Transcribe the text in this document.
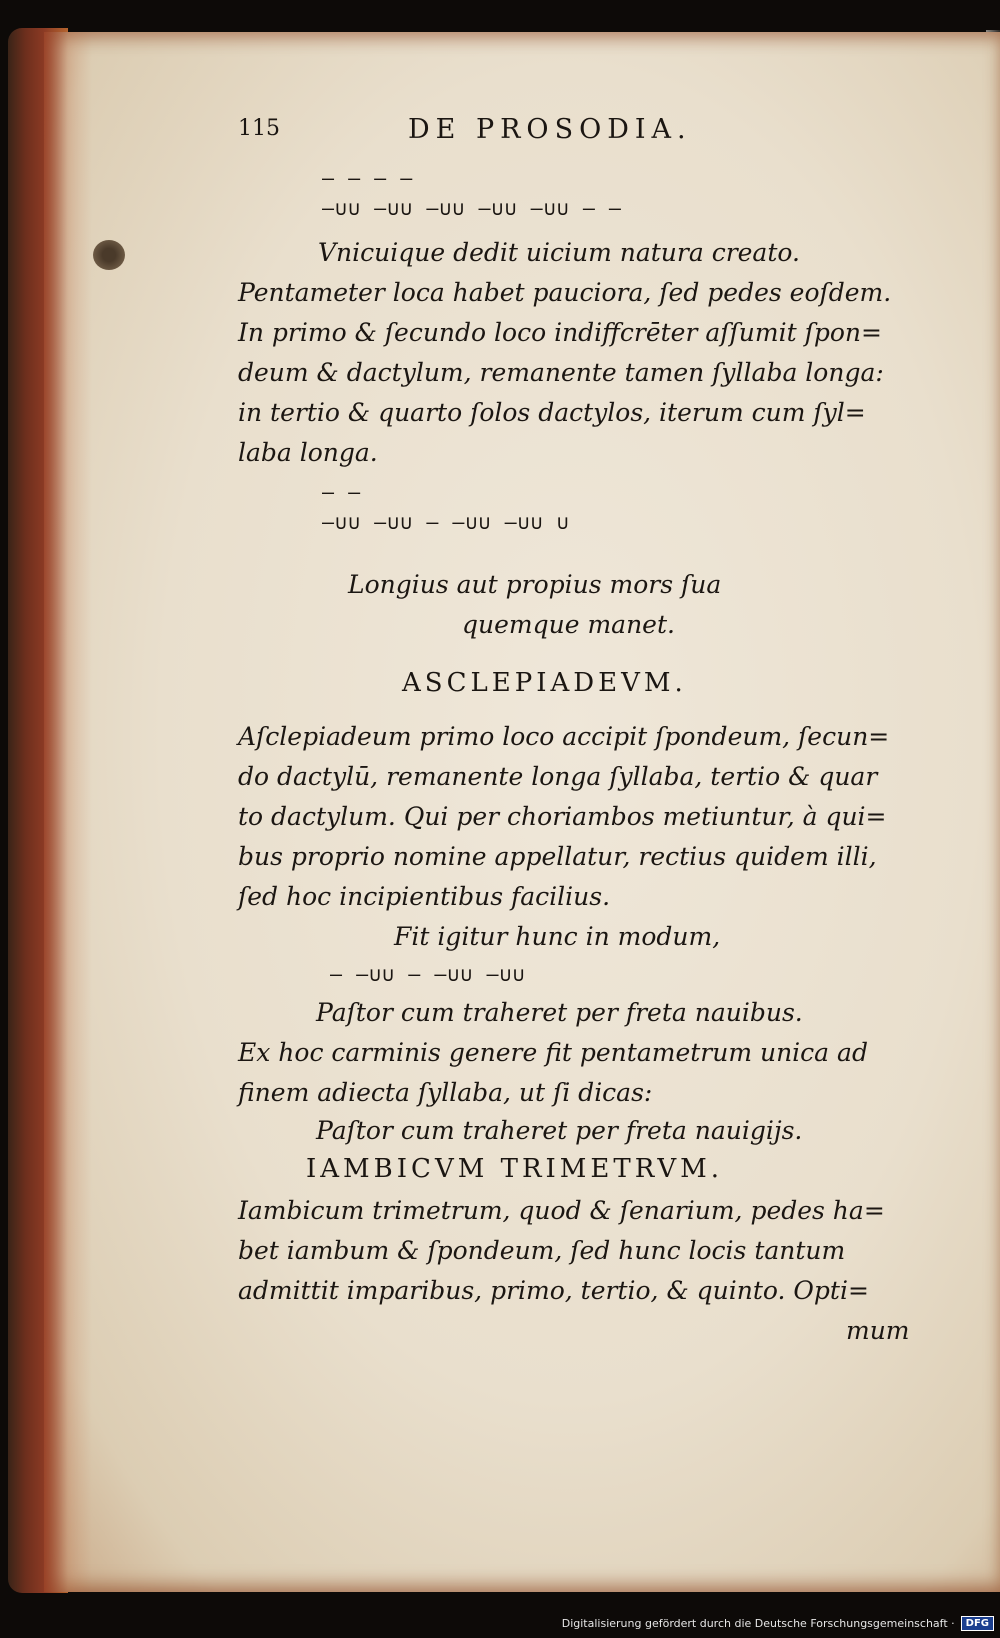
115	DE PROSODIA.
— — — —
—∪∪ —∪∪ —∪∪ —∪∪ —∪∪ — —
Vnicuique dedit uicium natura creato.
Pentameter loca habet pauciora, ſed pedes eoſdem.
In primo & ſecundo loco indiffcrēter aſſumit ſpon=
deum & dactylum, remanente tamen ſyllaba longa:
in tertio & quarto ſolos dactylos, iterum cum ſyl=
laba longa.
— —
—∪∪ —∪∪ — —∪∪ —∪∪ ∪
Longius aut propius mors ſua
quemque manet.
ASCLEPIADEVM.
Aſclepiadeum primo loco accipit ſpondeum, ſecun=
do dactylū, remanente longa ſyllaba, tertio & quar
to dactylum. Qui per choriambos metiuntur, à qui=
bus proprio nomine appellatur, rectius quidem illi,
ſed hoc incipientibus facilius.
Fit igitur hunc in modum,
— —∪∪ — —∪∪ —∪∪
Paſtor cum traheret per freta nauibus.
Ex hoc carminis genere fit pentametrum unica ad
finem adiecta ſyllaba, ut ſi dicas:
Paſtor cum traheret per freta nauigijs.
IAMBICVM TRIMETRVM.
Iambicum trimetrum, quod & ſenarium, pedes ha=
bet iambum & ſpondeum, ſed hunc locis tantum
admittit imparibus, primo, tertio, & quinto. Opti=
mum
Digitalisierung gefördert durch die Deutsche Forschungsgemeinschaft ·	DFG
